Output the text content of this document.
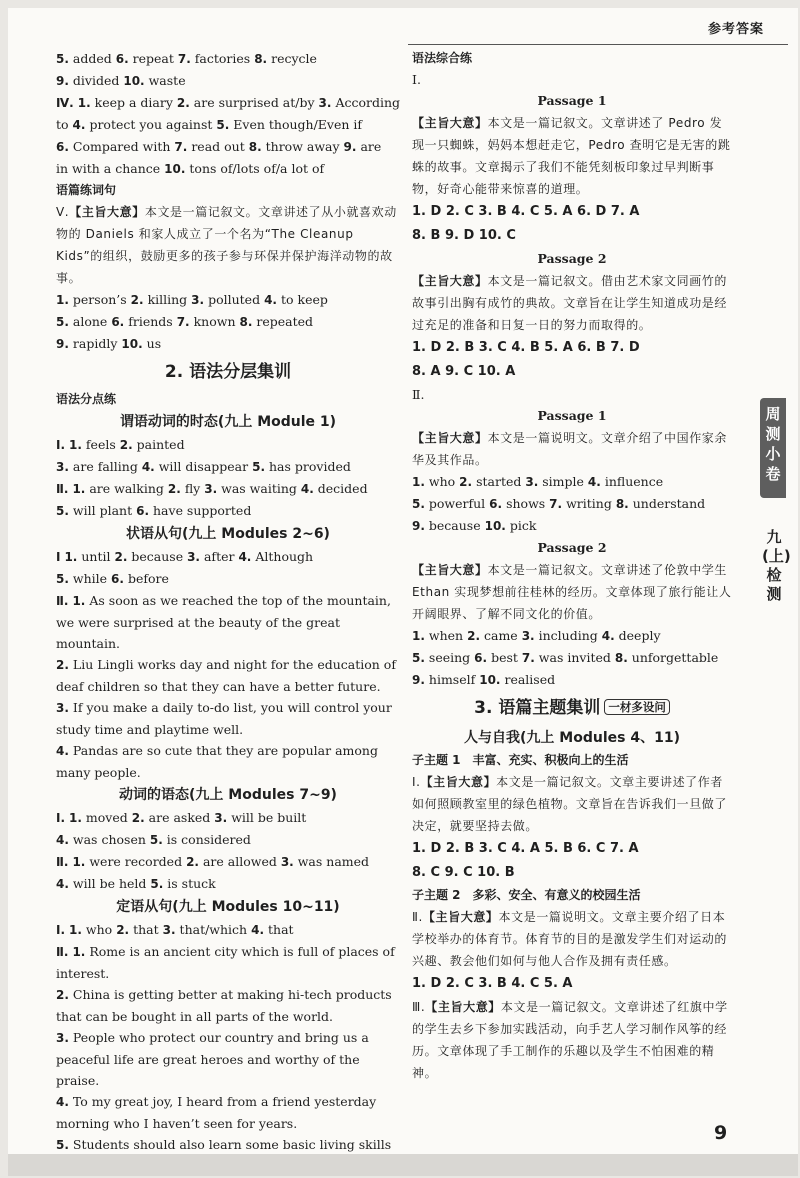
参考答案
5. added 6. repeat 7. factories 8. recycle
9. divided 10. waste
Ⅳ. 1. keep a diary 2. are surprised at/by 3. According
to 4. protect you against 5. Even though/Even if
6. Compared with 7. read out 8. throw away 9. are
in with a chance 10. tons of/lots of/a lot of
语篇练词句
Ⅴ.【主旨大意】本文是一篇记叙文。文章讲述了从小就喜欢动物的 Daniels 和家人成立了一个名为“The Cleanup Kids”的组织，鼓励更多的孩子参与环保并保护海洋动物的故事。
1. person’s 2. killing 3. polluted 4. to keep
5. alone 6. friends 7. known 8. repeated
9. rapidly 10. us
2. 语法分层集训
语法分点练
谓语动词的时态(九上 Module 1)
Ⅰ. 1. feels 2. painted
3. are falling 4. will disappear 5. has provided
Ⅱ. 1. are walking 2. fly 3. was waiting 4. decided
5. will plant 6. have supported
状语从句(九上 Modules 2~6)
Ⅰ 1. until 2. because 3. after 4. Although
5. while 6. before
Ⅱ. 1. As soon as we reached the top of the mountain, we were surprised at the beauty of the great mountain.
2. Liu Lingli works day and night for the education of deaf children so that they can have a better future.
3. If you make a daily to-do list, you will control your study time and playtime well.
4. Pandas are so cute that they are popular among many people.
动词的语态(九上 Modules 7~9)
Ⅰ. 1. moved 2. are asked 3. will be built
4. was chosen 5. is considered
Ⅱ. 1. were recorded 2. are allowed 3. was named
4. will be held 5. is stuck
定语从句(九上 Modules 10~11)
Ⅰ. 1. who 2. that 3. that/which 4. that
Ⅱ. 1. Rome is an ancient city which is full of places of interest.
2. China is getting better at making hi-tech products that can be bought in all parts of the world.
3. People who protect our country and bring us a peaceful life are great heroes and worthy of the praise.
4. To my great joy, I heard from a friend yesterday morning who I haven’t seen for years.
5. Students should also learn some basic living skills
语法综合练
Ⅰ.
Passage 1
【主旨大意】本文是一篇记叙文。文章讲述了 Pedro 发现一只蜘蛛，妈妈本想赶走它，Pedro 查明它是无害的跳蛛的故事。文章揭示了我们不能凭刻板印象过早判断事物，好奇心能带来惊喜的道理。
1. D 2. C 3. B 4. C 5. A 6. D 7. A
8. B 9. D 10. C
Passage 2
【主旨大意】本文是一篇记叙文。借由艺术家文同画竹的故事引出胸有成竹的典故。文章旨在让学生知道成功是经过充足的准备和日复一日的努力而取得的。
1. D 2. B 3. C 4. B 5. A 6. B 7. D
8. A 9. C 10. A
Ⅱ.
Passage 1
【主旨大意】本文是一篇说明文。文章介绍了中国作家余华及其作品。
1. who 2. started 3. simple 4. influence
5. powerful 6. shows 7. writing 8. understand
9. because 10. pick
Passage 2
【主旨大意】本文是一篇记叙文。文章讲述了伦敦中学生 Ethan 实现梦想前往桂林的经历。文章体现了旅行能让人开阔眼界、了解不同文化的价值。
1. when 2. came 3. including 4. deeply
5. seeing 6. best 7. was invited 8. unforgettable
9. himself 10. realised
3. 语篇主题集训 一材多设问
人与自我(九上 Modules 4、11)
子主题 1　丰富、充实、积极向上的生活
Ⅰ.【主旨大意】本文是一篇记叙文。文章主要讲述了作者如何照顾教室里的绿色植物。文章旨在告诉我们一旦做了决定，就要坚持去做。
1. D 2. B 3. C 4. A 5. B 6. C 7. A
8. C 9. C 10. B
子主题 2　多彩、安全、有意义的校园生活
Ⅱ.【主旨大意】本文是一篇说明文。文章主要介绍了日本学校举办的体育节。体育节的目的是激发学生们对运动的兴趣、教会他们如何与他人合作及拥有责任感。
1. D 2. C 3. B 4. C 5. A
Ⅲ.【主旨大意】本文是一篇记叙文。文章讲述了红旗中学的学生去乡下参加实践活动，向手艺人学习制作风筝的经历。文章体现了手工制作的乐趣以及学生不怕困难的精神。
周测小卷
九(上)检测
9
